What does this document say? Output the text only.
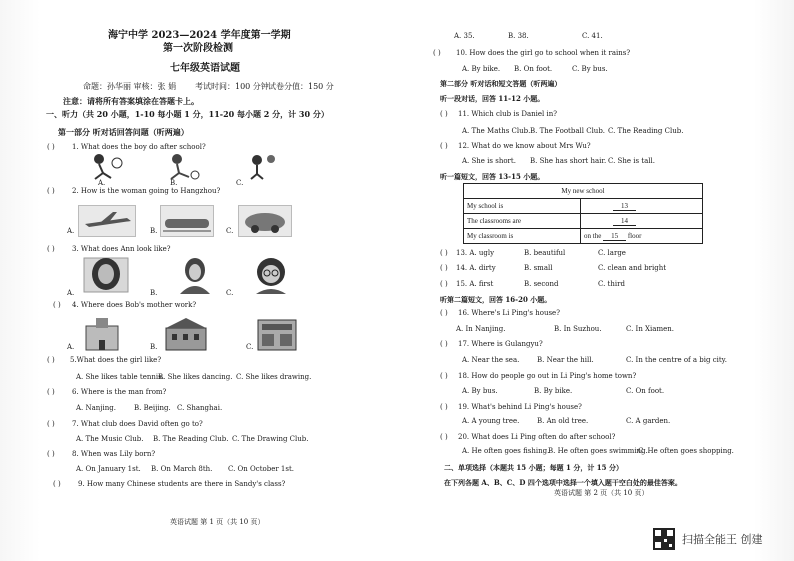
海宁中学 2023—2024 学年度第一学期
第一次阶段检测
七年级英语试题
命题：孙华丽 审核：张 娟 考试时间：100 分钟 试卷分值：150 分
注意：请将所有答案填涂在答题卡上。
一、听力（共 20 小题，1-10 每小题 1 分，11-20 每小题 2 分，计 30 分）
第一部分 听对话回答问题（听两遍）
( ) 1. What does the boy do after school?
A.	B.	C.
( ) 2. How is the woman going to Hangzhou?
A.	B.	C.
( ) 3. What does Ann look like?
A.	B.	C.
( ) 4. Where does Bob's mother work?
A.	B.	C.
( ) 5.What does the girl like?
A. She likes table tennis.
B. She likes dancing. C. She likes drawing.
( ) 6. Where is the man from?
A. Nanjing.	B. Beijing. C. Shanghai.
( ) 7. What club does David often go to?
A. The Music Club. B. The Reading Club. C. The Drawing Club.
( ) 8. When was Lily born?
A. On January 1st. B. On March 8th. C. On October 1st.
( ) 9. How many Chinese students are there in Sandy's class?
英语试题 第 1 页（共 10 页）
A. 35.	B. 38.	C. 41.
( ) 10. How does the girl go to school when it rains?
A. By bike. B. On foot.	C. By bus.
第二部分 听对话和短文答题（听两遍）
听一段对话，回答 11-12 小题。
( ) 11. Which club is Daniel in?
A. The Maths Club. B. The Football Club. C. The Reading Club.
( ) 12. What do we know about Mrs Wu?
A. She is short. B. She has short hair. C. She is tall.
听一篇短文，回答 13-15 小题。
My new school	
My school is	13
The classrooms are	14
My classroom is	on the 15 floor
( ) 13. A. ugly	B. beautiful	C. large
( ) 14. A. dirty	B. small	C. clean and bright
( ) 15. A. first	B. second	C. third
听第二篇短文，回答 16-20 小题。
( ) 16. Where's Li Ping's house?
A. In Nanjing.	B. In Suzhou.	C. In Xiamen.
( ) 17. Where is Gulangyu?
A. Near the sea.	B. Near the hill.	C. In the centre of a big city.
( ) 18. How do people go out in Li Ping's home town?
A. By bus.	B. By bike.	C. On foot.
( ) 19. What's behind Li Ping's house?
A. A young tree.	B. An old tree.	C. A garden.
( ) 20. What does Li Ping often do after school?
A. He often goes fishing.
B. He often goes swimming.
C. He often goes shopping.
二、单项选择（本题共 15 小题；每题 1 分，计 15 分）
在下列各题 A、B、C、D 四个选项中选择一个填入题干空白处的最佳答案。
英语试题 第 2 页（共 10 页）
扫描全能王 创建
